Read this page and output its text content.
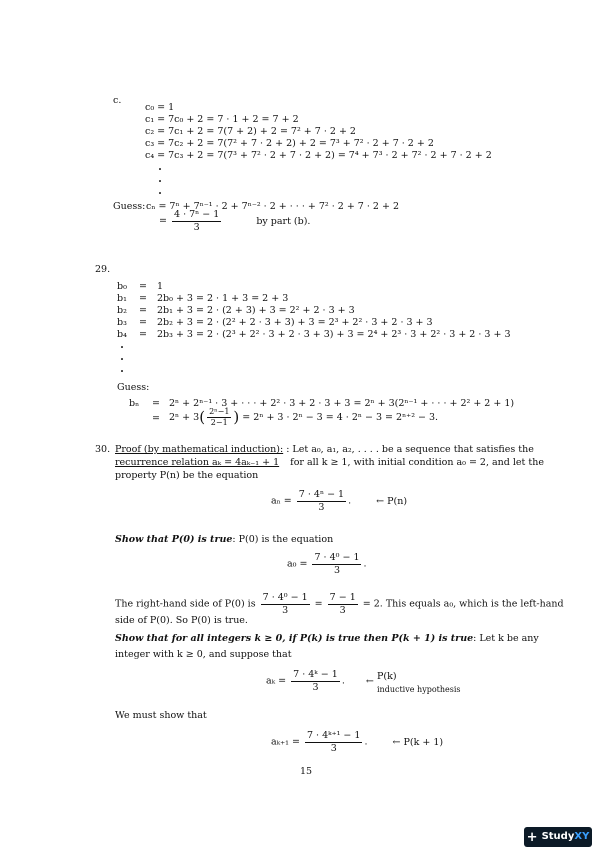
c.
c₀ = 1
c₁ = 7c₀ + 2 = 7 · 1 + 2 = 7 + 2
c₂ = 7c₁ + 2 = 7(7 + 2) + 2 = 7² + 7 · 2 + 2
c₃ = 7c₂ + 2 = 7(7² + 7 · 2 + 2) + 2 = 7³ + 7² · 2 + 7 · 2 + 2
c₄ = 7c₃ + 2 = 7(7³ + 7² · 2 + 7 · 2 + 2) = 7⁴ + 7³ · 2 + 7² · 2 + 7 · 2 + 2
Guess: cₙ = 7ⁿ + 7ⁿ⁻¹ · 2 + 7ⁿ⁻² · 2 + · · · + 7² · 2 + 7 · 2 + 2
= $\frac{\text{4 · 7ⁿ − 1}}{3}$	by part (b).
29.
b₀ = 1
b₁ = 2b₀ + 3 = 2 · 1 + 3 = 2 + 3
b₂ = 2b₁ + 3 = 2 · (2 + 3) + 3 = 2² + 2 · 3 + 3
b₃ = 2b₂ + 3 = 2 · (2² + 2 · 3 + 3) + 3 = 2³ + 2² · 3 + 2 · 3 + 3
b₄ = 2b₃ + 3 = 2 · (2³ + 2² · 3 + 2 · 3 + 3) + 3 = 2⁴ + 2³ · 3 + 2² · 3 + 2 · 3 + 3
Guess:
bₙ = 2ⁿ + 2ⁿ⁻¹ · 3 + · · · + 2² · 3 + 2 · 3 + 3 = 2ⁿ + 3(2ⁿ⁻¹ + · · · + 2² + 2 + 1)
= $2^n + 3( \frac{\text{2ⁿ−1}}{2-1}$ ) = 2ⁿ + 3 · 2ⁿ − 3 = 4 · 2ⁿ − 3 = 2ⁿ⁺² − 3.
30. Proof (by mathematical induction): : Let a₀, a₁, a₂, . . . . be a sequence that satisfies the
recurrence relation aₖ = 4aₖ₋₁ + 1 for all k ≥ 1, with initial condition a₀ = 2, and let the
property P(n) be the equation
$a_n = \frac{\text{7 · 4ⁿ − 1}}{3}$ .	← P(n)
Show that P(0) is true: P(0) is the equation
$a_0 = \frac{\text{7 · 4⁰ − 1}}{3}$ .
The right-hand side of P(0) is $\frac{\text{7 · 4⁰ − 1}}{3} = \frac{7 - 1}{3} = 2$. This equals a₀, which is the left-hand
side of P(0). So P(0) is true.
Show that for all integers k ≥ 0, if P(k) is true then P(k + 1) is true: Let k be any
integer with k ≥ 0, and suppose that
$a_k = \frac{\text{7 · 4ᵏ − 1}}{3}$ . ← P(k)
inductive hypothesis
We must show that
$a_{k+1} = \frac{\text{7 · 4ᵏ⁺¹ − 1}}{3}$ .	← P(k + 1)
15
+ StudyXY
